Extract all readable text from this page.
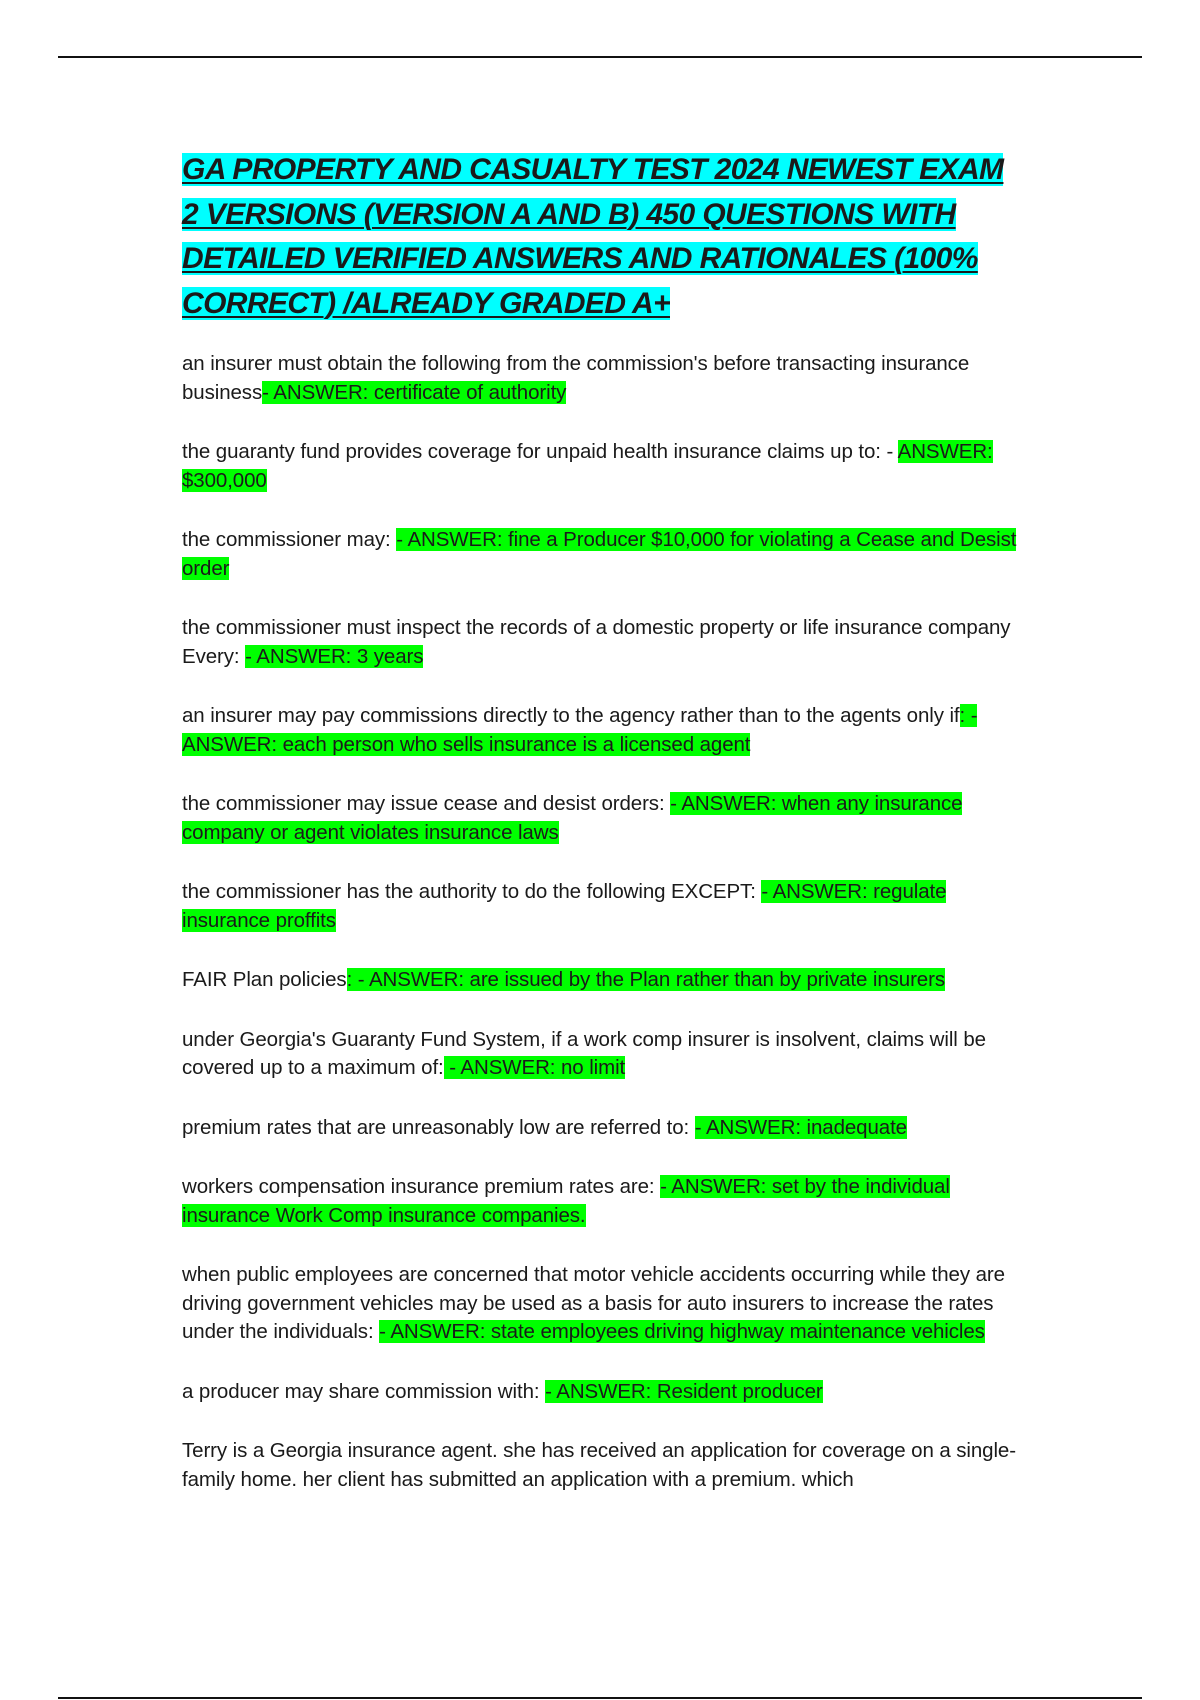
GA PROPERTY AND CASUALTY TEST 2024 NEWEST EXAM 2 VERSIONS (VERSION A AND B) 450 QUESTIONS WITH DETAILED VERIFIED ANSWERS AND RATIONALES (100% CORRECT) /ALREADY GRADED A+

an insurer must obtain the following from the commission's before transacting insurance business- ANSWER: certificate of authority

the guaranty fund provides coverage for unpaid health insurance claims up to: - ANSWER: $300,000

the commissioner may: - ANSWER: fine a Producer $10,000 for violating a Cease and Desist order

the commissioner must inspect the records of a domestic property or life insurance company Every: - ANSWER: 3 years

an insurer may pay commissions directly to the agency rather than to the agents only if: - ANSWER: each person who sells insurance is a licensed agent

the commissioner may issue cease and desist orders: - ANSWER: when any insurance company or agent violates insurance laws

the commissioner has the authority to do the following EXCEPT: - ANSWER: regulate insurance proffits

FAIR Plan policies: - ANSWER: are issued by the Plan rather than by private insurers

under Georgia's Guaranty Fund System, if a work comp insurer is insolvent, claims will be covered up to a maximum of: - ANSWER: no limit

premium rates that are unreasonably low are referred to: - ANSWER: inadequate

workers compensation insurance premium rates are: - ANSWER: set by the individual insurance Work Comp insurance companies.

when public employees are concerned that motor vehicle accidents occurring while they are driving government vehicles may be used as a basis for auto insurers to increase the rates under the individuals: - ANSWER: state employees driving highway maintenance vehicles

a producer may share commission with: - ANSWER: Resident producer

Terry is a Georgia insurance agent. she has received an application for coverage on a single-family home. her client has submitted an application with a premium. which
